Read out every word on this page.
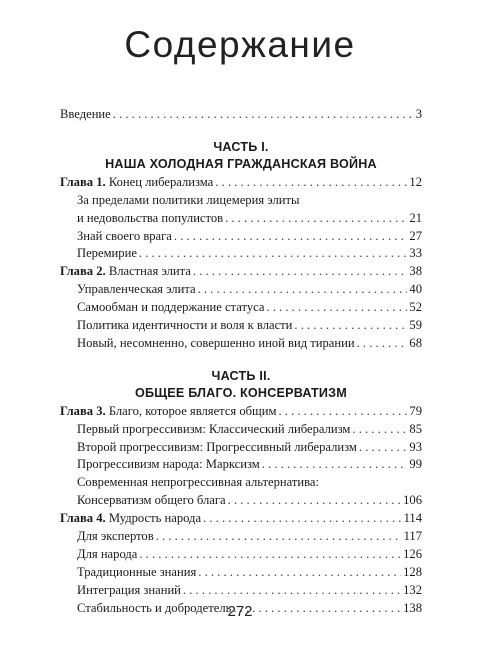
Содержание
Введение . . .	3
ЧАСТЬ I.
НАША ХОЛОДНАЯ ГРАЖДАНСКАЯ ВОЙНА
Глава 1. Конец либерализма . . .	12
За пределами политики лицемерия элиты
и недовольства популистов . . .	21
Знай своего врага . . .	27
Перемирие . . .	33
Глава 2. Властная элита . . .	38
Управленческая элита . . .	40
Самообман и поддержание статуса . . .	52
Политика идентичности и воля к власти . . .	59
Новый, несомненно, совершенно иной вид тирании . . .	68
ЧАСТЬ II.
ОБЩЕЕ БЛАГО. КОНСЕРВАТИЗМ
Глава 3. Благо, которое является общим . . .	79
Первый прогрессивизм: Классический либерализм . . .	85
Второй прогрессивизм: Прогрессивный либерализм . . .	93
Прогрессивизм народа: Марксизм . . .	99
Современная непрогрессивная альтернатива:
Консерватизм общего блага . . .	106
Глава 4. Мудрость народа . . .	114
Для экспертов . . .	117
Для народа . . .	126
Традиционные знания . . .	128
Интеграция знаний . . .	132
Стабильность и добродетель . . .	138
272
